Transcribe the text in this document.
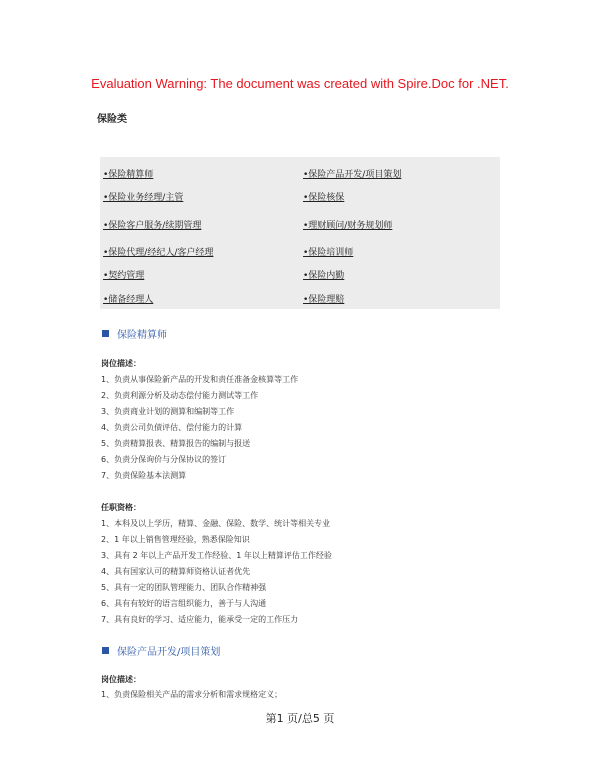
Evaluation Warning: The document was created with Spire.Doc for .NET.
保险类
•保险精算师
•保险业务经理/主管
•保险客户服务/续期管理
•保险代理/经纪人/客户经理
•契约管理
•储备经理人
•保险产品开发/项目策划
•保险核保
•理财顾问/财务规划师
•保险培训师
•保险内勤
•保险理赔
保险精算师
岗位描述：
1、负责从事保险新产品的开发和责任准备金核算等工作
2、负责利源分析及动态偿付能力测试等工作
3、负责商业计划的测算和编制等工作
4、负责公司负债评估、偿付能力的计算
5、负责精算报表、精算报告的编制与报送
6、负责分保询价与分保协议的签订
7、负责保险基本法测算
任职资格：
1、本科及以上学历，精算、金融、保险、数学、统计等相关专业
2、1 年以上销售管理经验，熟悉保险知识
3、具有 2 年以上产品开发工作经验、1 年以上精算评估工作经验
4、具有国家认可的精算师资格认证者优先
5、具有一定的团队管理能力、团队合作精神强
6、具有有较好的语言组织能力，善于与人沟通
7、具有良好的学习、适应能力，能承受一定的工作压力
保险产品开发/项目策划
岗位描述：
1、负责保险相关产品的需求分析和需求规格定义；
第1 页/总5 页
